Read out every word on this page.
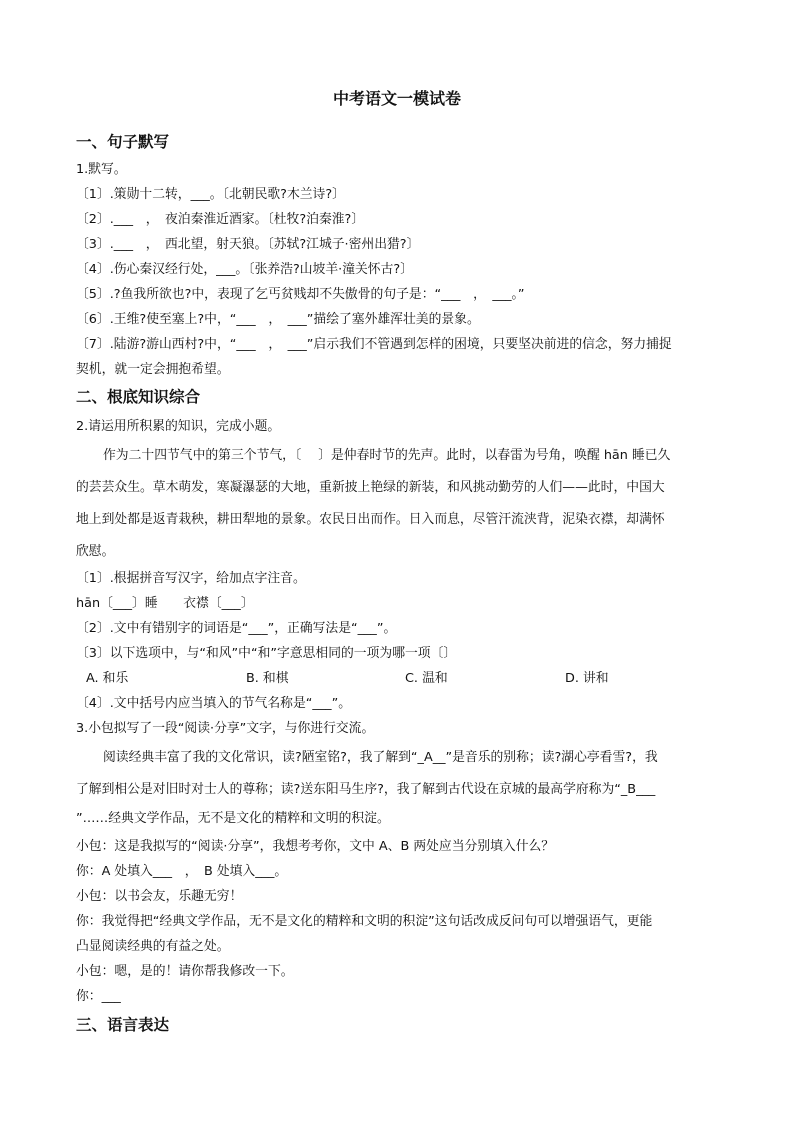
中考语文一模试卷
一、句子默写
1.默写。
〔1〕.策勋十二转，___。〔北朝民歌?木兰诗?〕
〔2〕.___　，　夜泊秦淮近酒家。〔杜牧?泊秦淮?〕
〔3〕.___　，　西北望，射天狼。〔苏轼?江城子·密州出猎?〕
〔4〕.伤心秦汉经行处，___。〔张养浩?山坡羊·潼关怀古?〕
〔5〕.?鱼我所欲也?中，表现了乞丐贫贱却不失傲骨的句子是：“___　，　___。”
〔6〕.王维?使至塞上?中，“___　，　___”描绘了塞外雄浑壮美的景象。
〔7〕.陆游?游山西村?中，“___　，　___”启示我们不管遇到怎样的困境，只要坚决前进的信念，努力捕捉
契机，就一定会拥抱希望。
二、根底知识综合
2.请运用所积累的知识，完成小题。
作为二十四节气中的第三个节气，〔　 〕是仲春时节的先声。此时，以春雷为号角，唤醒 hān 睡已久
的芸芸众生。草木萌发，寒凝瀑瑟的大地，重新披上艳绿的新装，和风挑动勤劳的人们——此时，中国大
地上到处都是返青栽秧，耕田犁地的景象。农民日出而作。日入而息，尽管汗流浃背，泥染衣襟，却满怀
欣慰。
〔1〕.根据拼音写汉字，给加点字注音。
hān〔___〕睡　　衣襟〔___〕
〔2〕.文中有错别字的词语是“___”，正确写法是“___”。
〔3〕以下选项中，与“和风”中“和”字意思相同的一项为哪一项〔〕
A. 和乐	B. 和棋	C. 温和	D. 讲和
〔4〕.文中括号内应当填入的节气名称是“___”。
3.小包拟写了一段“阅读·分享”文字，与你进行交流。
阅读经典丰富了我的文化常识，读?陋室铭?，我了解到“_A__”是音乐的别称；读?湖心亭看雪?，我
了解到相公是对旧时对士人的尊称；读?送东阳马生序?，我了解到古代设在京城的最高学府称为“_B___
”……经典文学作品，无不是文化的精粹和文明的积淀。
小包：这是我拟写的“阅读·分享”，我想考考你，文中 A、B 两处应当分别填入什么？
你：A 处填入___　，　B 处填入___。
小包：以书会友，乐趣无穷！
你：我觉得把“经典文学作品，无不是文化的精粹和文明的积淀”这句话改成反问句可以增强语气，更能
凸显阅读经典的有益之处。
小包：嗯，是的！请你帮我修改一下。
你：___
三、语言表达
